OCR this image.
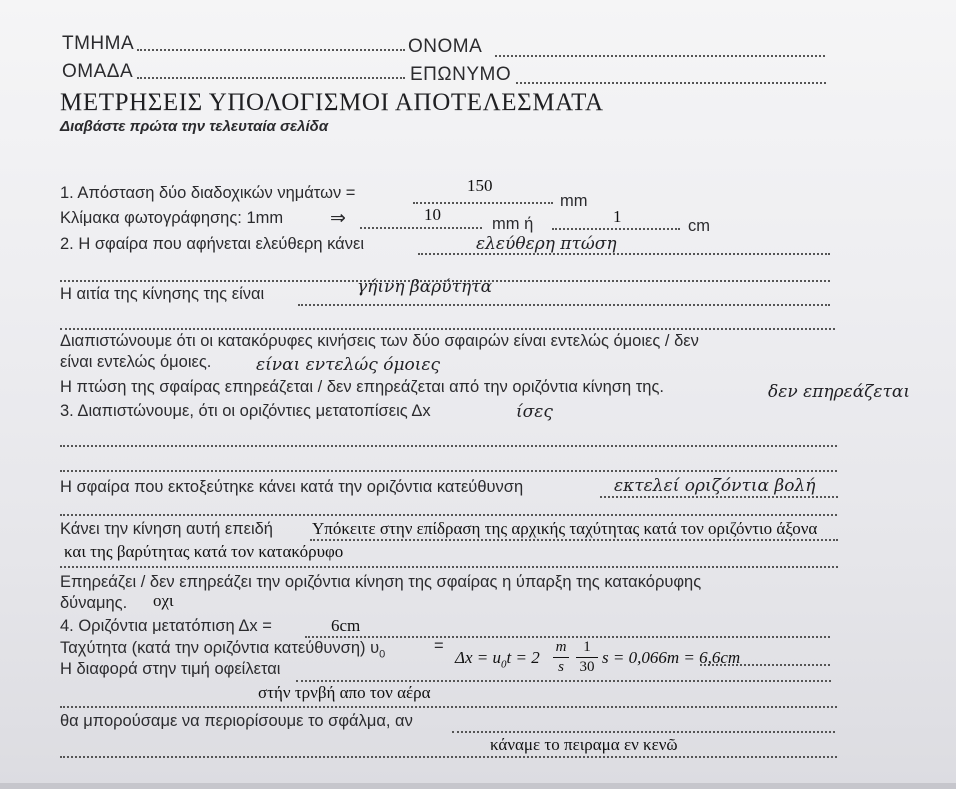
ΤΜΗΜΑ	ΟΝΟΜΑ
ΟΜΑΔΑ	ΕΠΩΝΥΜΟ
ΜΕΤΡΗΣΕΙΣ ΥΠΟΛΟΓΙΣΜΟΙ ΑΠΟΤΕΛΕΣΜΑΤΑ
Διαβάστε πρώτα την τελευταία σελίδα
1. Απόσταση δύο διαδοχικών νημάτων =	150
mm
Κλίμακα φωτογράφησης: 1mm ⇒	10	mm ή	1	cm
2. Η σφαίρα που αφήνεται ελεύθερη κάνει	ελεύθερη πτώση
Η αιτία της κίνησης της είναι	γήινη βαρύτητα
Διαπιστώνουμε ότι οι κατακόρυφες κινήσεις των δύο σφαιρών είναι εντελώς όμοιες / δεν
είναι εντελώς όμοιες.	είναι εντελώς όμοιες
Η πτώση της σφαίρας επηρεάζεται / δεν επηρεάζεται από την οριζόντια κίνηση της.	δεν επηρεάζεται
3. Διαπιστώνουμε, ότι οι οριζόντιες μετατοπίσεις Δx	ίσες
Η σφαίρα που εκτοξεύτηκε κάνει κατά την οριζόντια κατεύθυνση	εκτελεί οριζόντια βολή
Κάνει την κίνηση αυτή επειδή Υπόκειτε στην επίδραση της αρχικής ταχύτητας κατά τον οριζόντιο άξονα
και της βαρύτητας κατά τον κατακόρυφο
Επηρεάζει / δεν επηρεάζει την οριζόντια κίνηση της σφαίρας η ύπαρξη της κατακόρυφης
δύναμης. οχι
4. Οριζόντια μετατόπιση Δx =	6cm
Ταχύτητα (κατά την οριζόντια κατεύθυνση) $\upsilon_0$	=
$\Delta x = u_0t = 2$
m
s
1
30 s = 0,066m = 6,6cm
Η διαφορά στην τιμή οφείλεται
στήν τρνβή απο τον αέρα
θα μπορούσαμε να περιορίσουμε το σφάλμα, αν
κάναμε το πειραμα εν κενῶ
